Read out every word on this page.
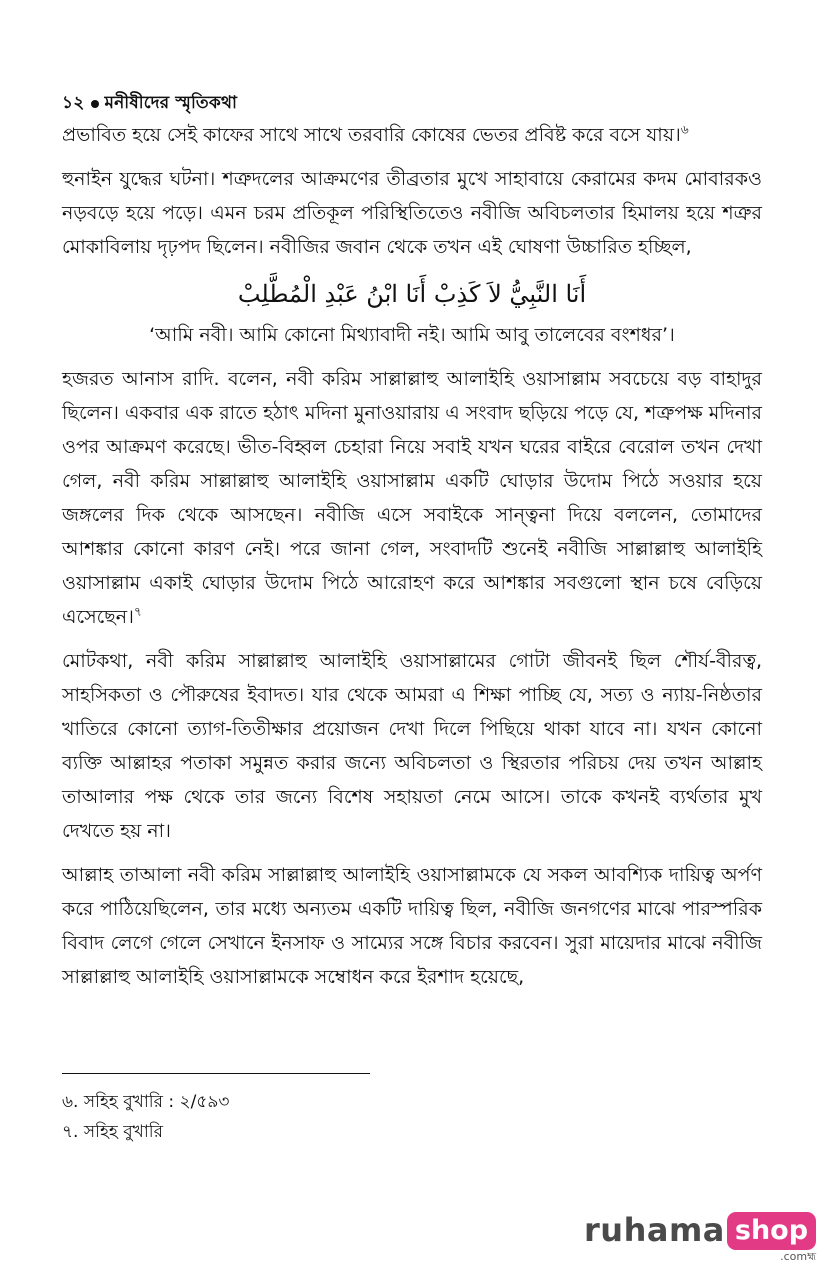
১২ মনীষীদের স্মৃতিকথা

প্রভাবিত হয়ে সেই কাফের সাথে সাথে তরবারি কোষের ভেতর প্রবিষ্ট করে বসে যায়।$^৬$

হুনাইন যুদ্ধের ঘটনা। শত্রুদলের আক্রমণের তীব্রতার মুখে সাহাবায়ে কেরামের কদম মোবারকও নড়বড়ে হয়ে পড়ে। এমন চরম প্রতিকূল পরিস্থিতিতেও নবীজি অবিচলতার হিমালয় হয়ে শত্রুর মোকাবিলায় দৃঢ়পদ ছিলেন। নবীজির জবান থেকে তখন এই ঘোষণা উচ্চারিত হচ্ছিল,

أَنَا النَّبِيُّ لاَ كَذِبْ أَنَا ابْنُ عَبْدِ الْمُطَّلِبْ
‘আমি নবী। আমি কোনো মিথ্যাবাদী নই। আমি আবু তালেবের বংশধর’।

হজরত আনাস রাদি. বলেন, নবী করিম সাল্লাল্লাহু আলাইহি ওয়াসাল্লাম সবচেয়ে বড় বাহাদুর ছিলেন। একবার এক রাতে হঠাৎ মদিনা মুনাওয়ারায় এ সংবাদ ছড়িয়ে পড়ে যে, শত্রুপক্ষ মদিনার ওপর আক্রমণ করেছে। ভীত-বিহ্বল চেহারা নিয়ে সবাই যখন ঘরের বাইরে বেরোল তখন দেখা গেল, নবী করিম সাল্লাল্লাহু আলাইহি ওয়াসাল্লাম একটি ঘোড়ার উদোম পিঠে সওয়ার হয়ে জঙ্গলের দিক থেকে আসছেন। নবীজি এসে সবাইকে সান্ত্বনা দিয়ে বললেন, তোমাদের আশঙ্কার কোনো কারণ নেই। পরে জানা গেল, সংবাদটি শুনেই নবীজি সাল্লাল্লাহু আলাইহি ওয়াসাল্লাম একাই ঘোড়ার উদোম পিঠে আরোহণ করে আশঙ্কার সবগুলো স্থান চষে বেড়িয়ে এসেছেন।$^৭$

মোটকথা, নবী করিম সাল্লাল্লাহু আলাইহি ওয়াসাল্লামের গোটা জীবনই ছিল শৌর্য-বীরত্ব, সাহসিকতা ও পৌরুষের ইবাদত। যার থেকে আমরা এ শিক্ষা পাচ্ছি যে, সত্য ও ন্যায়-নিষ্ঠতার খাতিরে কোনো ত্যাগ-তিতীক্ষার প্রয়োজন দেখা দিলে পিছিয়ে থাকা যাবে না। যখন কোনো ব্যক্তি আল্লাহর পতাকা সমুন্নত করার জন্যে অবিচলতা ও স্থিরতার পরিচয় দেয় তখন আল্লাহ তাআলার পক্ষ থেকে তার জন্যে বিশেষ সহায়তা নেমে আসে। তাকে কখনই ব্যর্থতার মুখ দেখতে হয় না।

আল্লাহ তাআলা নবী করিম সাল্লাল্লাহু আলাইহি ওয়াসাল্লামকে যে সকল আবশ্যিক দায়িত্ব অর্পণ করে পাঠিয়েছিলেন, তার মধ্যে অন্যতম একটি দায়িত্ব ছিল, নবীজি জনগণের মাঝে পারস্পরিক বিবাদ লেগে গেলে সেখানে ইনসাফ ও সাম্যের সঙ্গে বিচার করবেন। সুরা মায়েদার মাঝে নবীজি সাল্লাল্লাহু আলাইহি ওয়াসাল্লামকে সম্বোধন করে ইরশাদ হয়েছে,

৬. সহিহ বুখারি : ২/৫৯৩
৭. সহিহ বুখারি
ruhama shop
.comহ্ম
